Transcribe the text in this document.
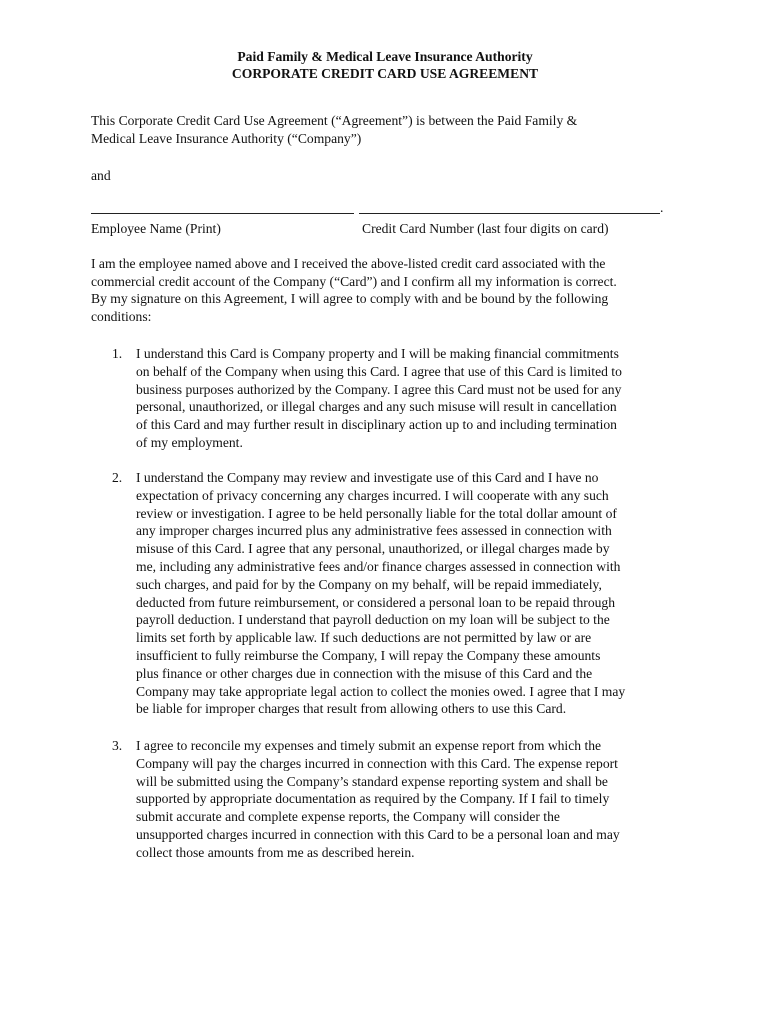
Paid Family & Medical Leave Insurance Authority
CORPORATE CREDIT CARD USE AGREEMENT
This Corporate Credit Card Use Agreement (“Agreement”) is between the Paid Family &
Medical Leave Insurance Authority (“Company”)
and
.
Employee Name (Print)	Credit Card Number (last four digits on card)
I am the employee named above and I received the above-listed credit card associated with the
commercial credit account of the Company (“Card”) and I confirm all my information is correct.
By my signature on this Agreement, I will agree to comply with and be bound by the following
conditions:
1. I understand this Card is Company property and I will be making financial commitments
on behalf of the Company when using this Card. I agree that use of this Card is limited to
business purposes authorized by the Company. I agree this Card must not be used for any
personal, unauthorized, or illegal charges and any such misuse will result in cancellation
of this Card and may further result in disciplinary action up to and including termination
of my employment.
2. I understand the Company may review and investigate use of this Card and I have no
expectation of privacy concerning any charges incurred. I will cooperate with any such
review or investigation. I agree to be held personally liable for the total dollar amount of
any improper charges incurred plus any administrative fees assessed in connection with
misuse of this Card. I agree that any personal, unauthorized, or illegal charges made by
me, including any administrative fees and/or finance charges assessed in connection with
such charges, and paid for by the Company on my behalf, will be repaid immediately,
deducted from future reimbursement, or considered a personal loan to be repaid through
payroll deduction. I understand that payroll deduction on my loan will be subject to the
limits set forth by applicable law. If such deductions are not permitted by law or are
insufficient to fully reimburse the Company, I will repay the Company these amounts
plus finance or other charges due in connection with the misuse of this Card and the
Company may take appropriate legal action to collect the monies owed. I agree that I may
be liable for improper charges that result from allowing others to use this Card.
3. I agree to reconcile my expenses and timely submit an expense report from which the
Company will pay the charges incurred in connection with this Card. The expense report
will be submitted using the Company’s standard expense reporting system and shall be
supported by appropriate documentation as required by the Company. If I fail to timely
submit accurate and complete expense reports, the Company will consider the
unsupported charges incurred in connection with this Card to be a personal loan and may
collect those amounts from me as described herein.
